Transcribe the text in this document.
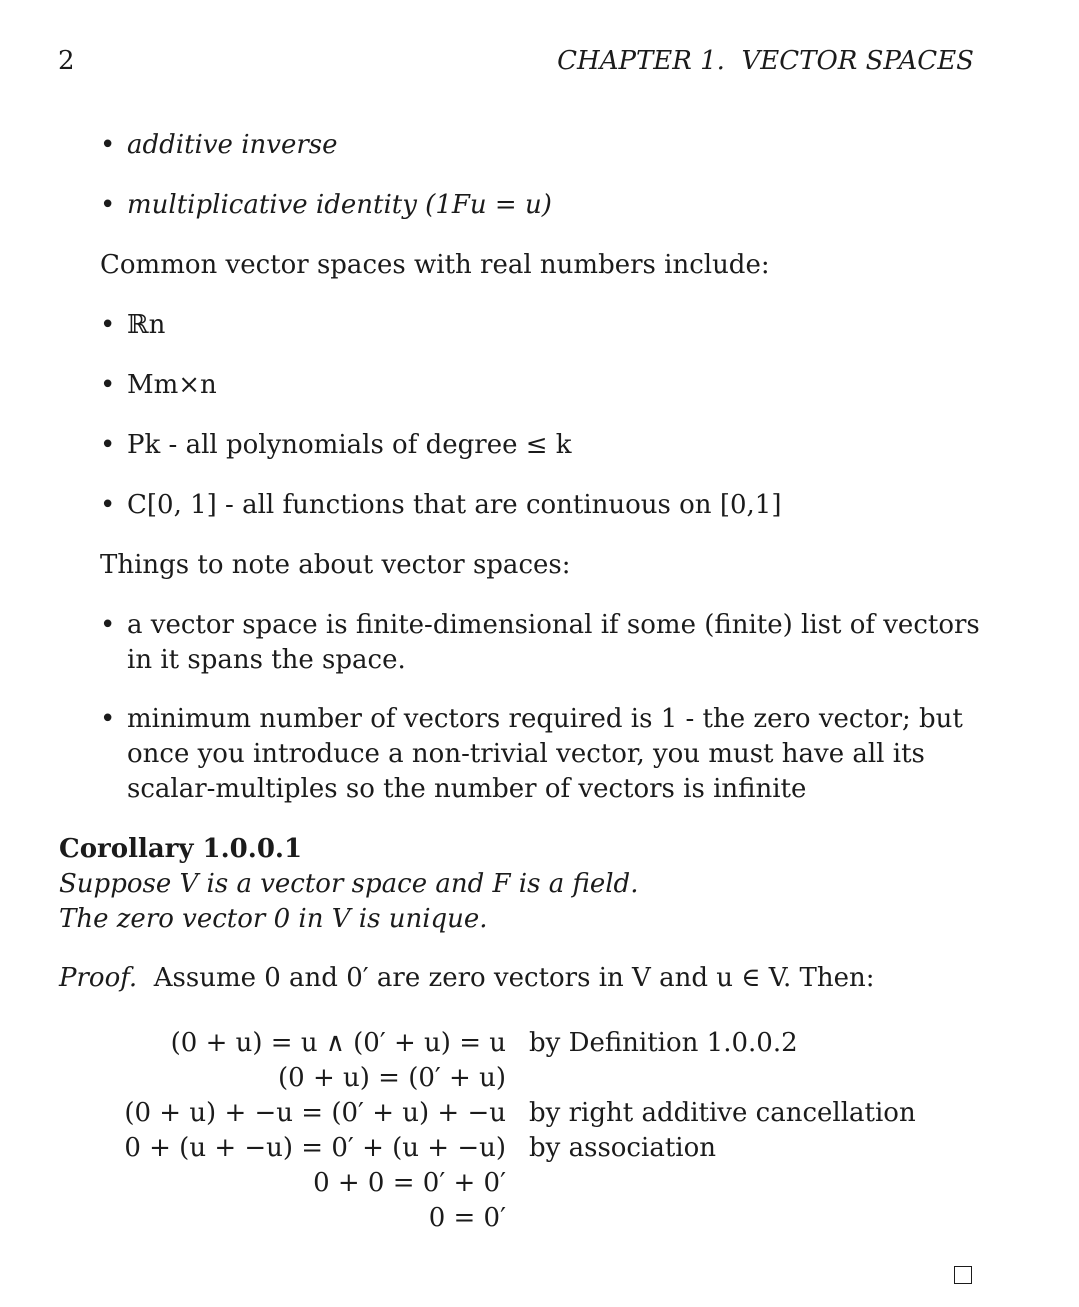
2	CHAPTER 1.  VECTOR SPACES
• additive inverse
• multiplicative identity (1Fu = u)
Common vector spaces with real numbers include:
• ℝn
• Mm×n
• Pk - all polynomials of degree ≤ k
• C[0, 1] - all functions that are continuous on [0,1]
Things to note about vector spaces:
• a vector space is finite-dimensional if some (finite) list of vectors in it spans the space.
• minimum number of vectors required is 1 - the zero vector; but once you introduce a non-trivial vector, you must have all its scalar-multiples so the number of vectors is infinite
Corollary 1.0.0.1
Suppose V is a vector space and F is a field.
The zero vector 0 in V is unique.
Proof. Assume 0 and 0′ are zero vectors in V and u ∈ V. Then:
(0 + u) = u ∧ (0′ + u) = u by Definition 1.0.0.2
(0 + u) = (0′ + u)
(0 + u) + −u = (0′ + u) + −u by right additive cancellation
0 + (u + −u) = 0′ + (u + −u) by association
0 + 0 = 0′ + 0′
0 = 0′
